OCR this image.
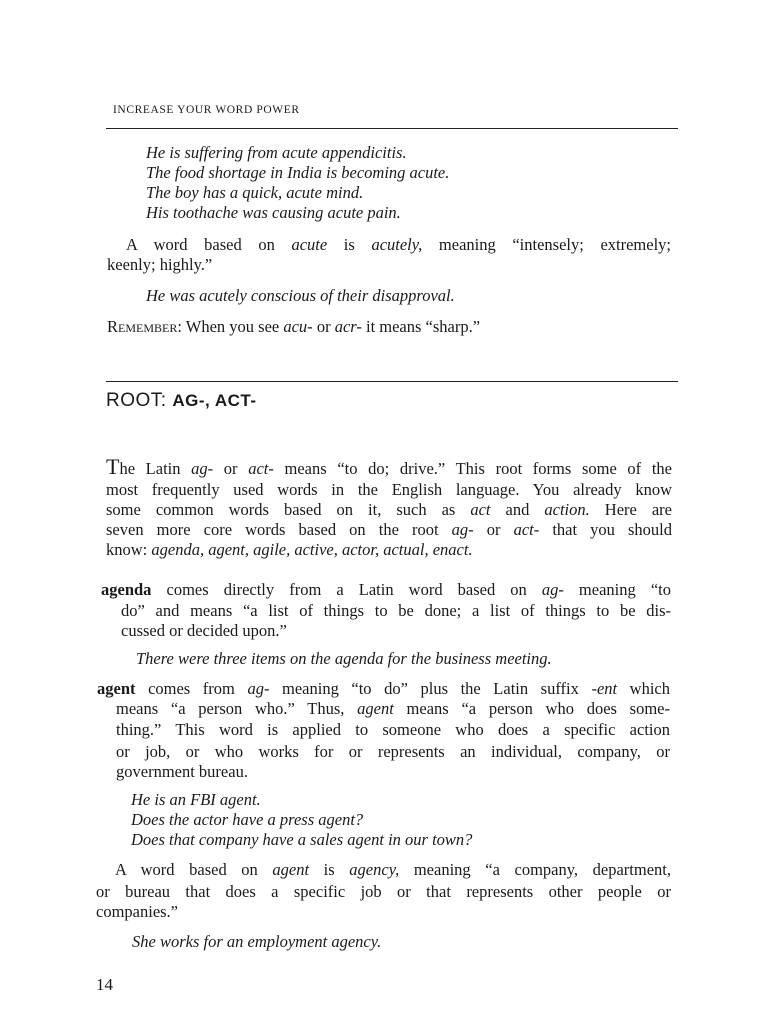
INCREASE YOUR WORD POWER
He is suffering from acute appendicitis.
The food shortage in India is becoming acute.
The boy has a quick, acute mind.
His toothache was causing acute pain.
A word based on acute is acutely, meaning “intensely; extremely;
keenly; highly.”
He was acutely conscious of their disapproval.
Remember: When you see acu- or acr- it means “sharp.”
ROOT: AG-, ACT-
The Latin ag- or act- means “to do; drive.” This root forms some of the
most frequently used words in the English language. You already know
some common words based on it, such as act and action. Here are
seven more core words based on the root ag- or act- that you should
know: agenda, agent, agile, active, actor, actual, enact.
agenda comes directly from a Latin word based on ag- meaning “to
do” and means “a list of things to be done; a list of things to be dis-
cussed or decided upon.”
There were three items on the agenda for the business meeting.
agent comes from ag- meaning “to do” plus the Latin suffix -ent which
means “a person who.” Thus, agent means “a person who does some-
thing.” This word is applied to someone who does a specific action
or job, or who works for or represents an individual, company, or
government bureau.
He is an FBI agent.
Does the actor have a press agent?
Does that company have a sales agent in our town?
A word based on agent is agency, meaning “a company, department,
or bureau that does a specific job or that represents other people or
companies.”
She works for an employment agency.
14
